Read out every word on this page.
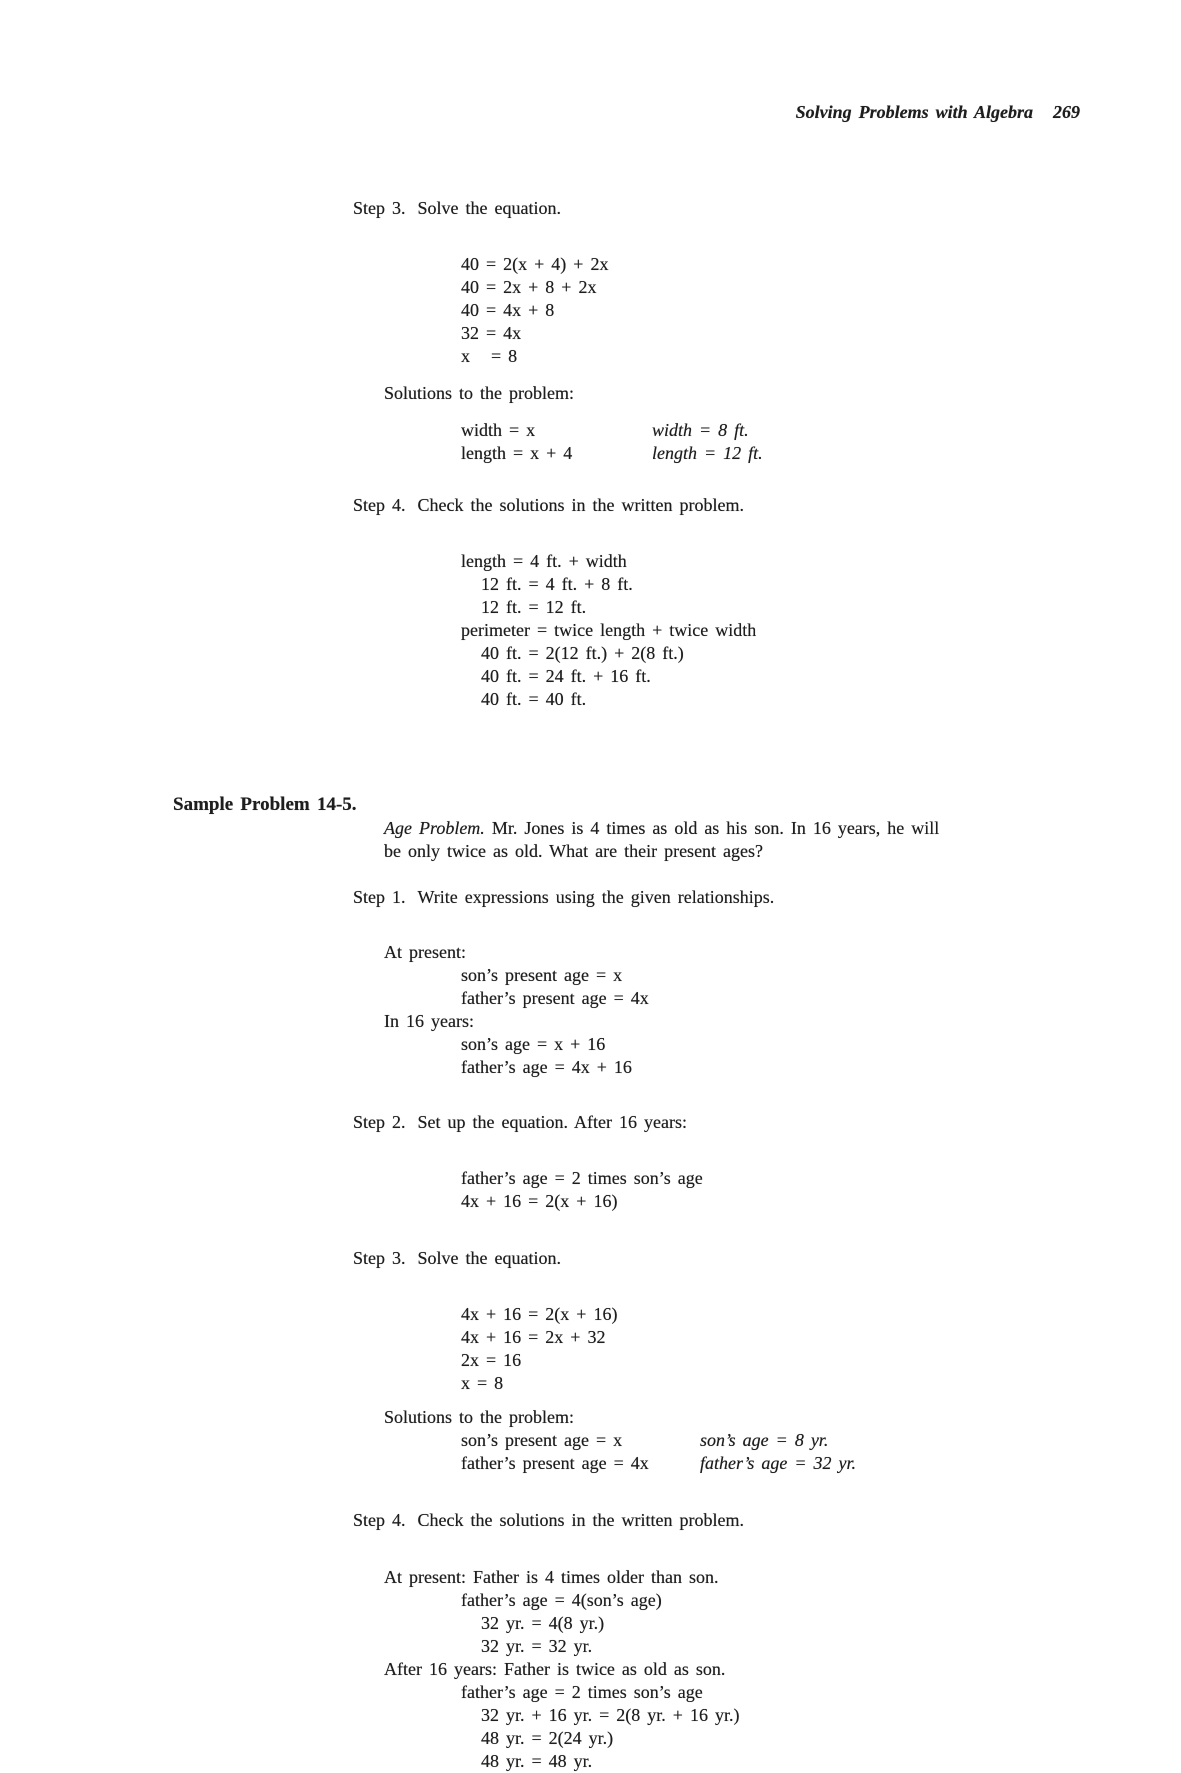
Solving Problems with Algebra 269

Step 3. Solve the equation.

40 = 2(x + 4) + 2x
40 = 2x + 8 + 2x
40 = 4x + 8
32 = 4x
x   = 8
Solutions to the problem:
width = x	width = 8 ft.
length = x + 4	length = 12 ft.

Step 4. Check the solutions in the written problem.

length = 4 ft. + width
12 ft. = 4 ft. + 8 ft.
12 ft. = 12 ft.
perimeter = twice length + twice width
40 ft. = 2(12 ft.) + 2(8 ft.)
40 ft. = 24 ft. + 16 ft.
40 ft. = 40 ft.
Sample Problem 14-5.
Age Problem. Mr. Jones is 4 times as old as his son. In 16 years, he will
be only twice as old. What are their present ages?

Step 1. Write expressions using the given relationships.

At present:
son’s present age = x
father’s present age = 4x
In 16 years:
son’s age = x + 16
father’s age = 4x + 16

Step 2. Set up the equation. After 16 years:

father’s age = 2 times son’s age
4x + 16 = 2(x + 16)

Step 3. Solve the equation.

4x + 16 = 2(x + 16)
4x + 16 = 2x + 32
2x = 16
x = 8
Solutions to the problem:
son’s present age = x	son’s age = 8 yr.
father’s present age = 4x	father’s age = 32 yr.

Step 4. Check the solutions in the written problem.

At present: Father is 4 times older than son.
father’s age = 4(son’s age)
32 yr. = 4(8 yr.)
32 yr. = 32 yr.
After 16 years: Father is twice as old as son.
father’s age = 2 times son’s age
32 yr. + 16 yr. = 2(8 yr. + 16 yr.)
48 yr. = 2(24 yr.)
48 yr. = 48 yr.
